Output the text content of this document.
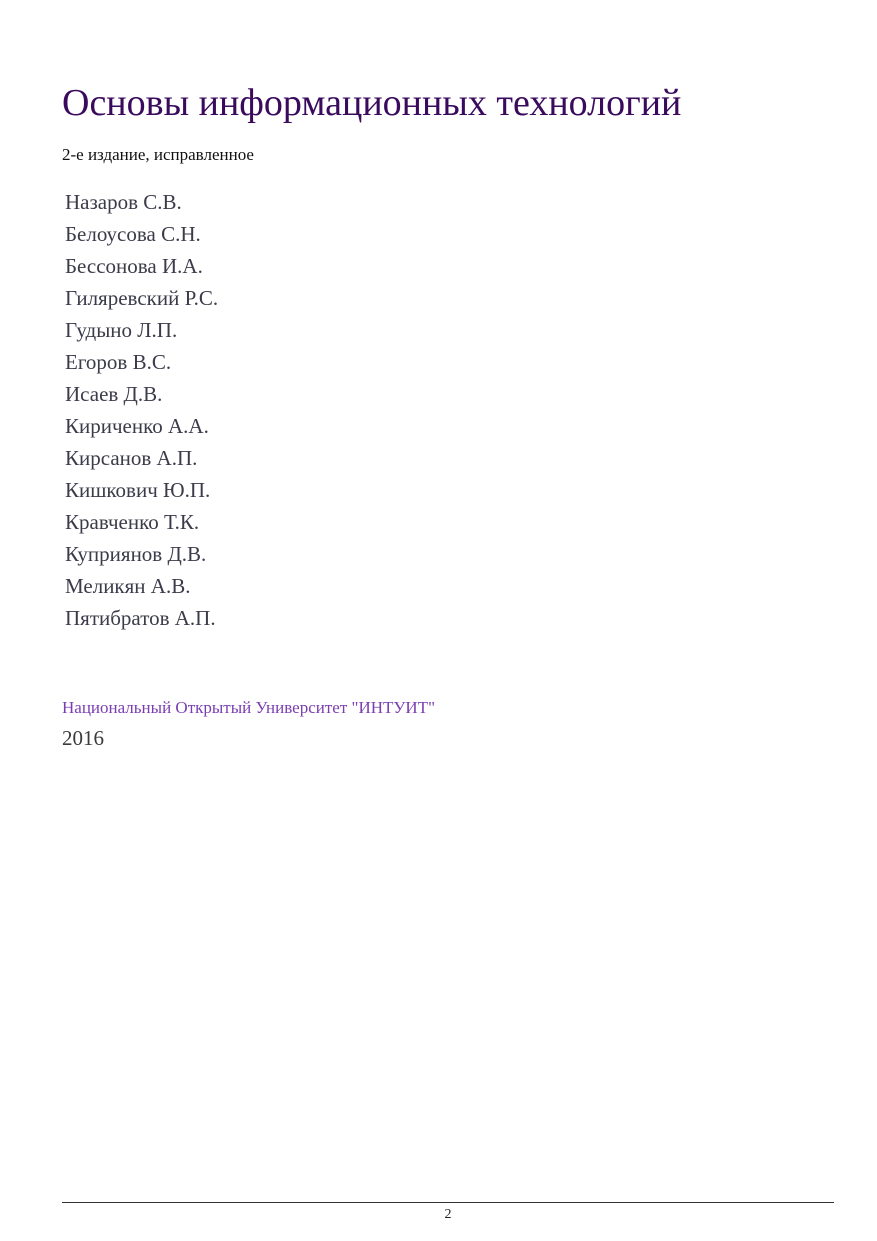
Основы информационных технологий
2-е издание, исправленное
Назаров С.В.
Белоусова С.Н.
Бессонова И.А.
Гиляревский Р.С.
Гудыно Л.П.
Егоров В.С.
Исаев Д.В.
Кириченко А.А.
Кирсанов А.П.
Кишкович Ю.П.
Кравченко Т.К.
Куприянов Д.В.
Меликян А.В.
Пятибратов А.П.
Национальный Открытый Университет "ИНТУИТ"
2016
2
